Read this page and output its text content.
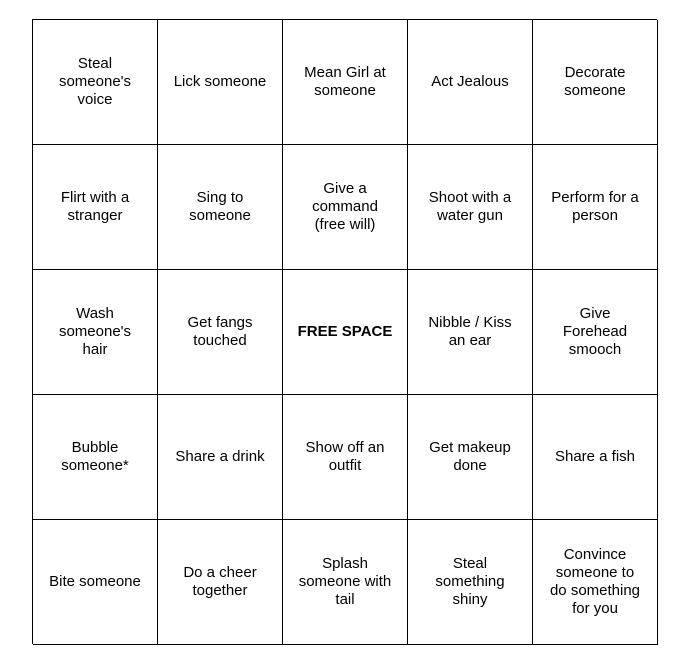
Steal
someone's
voice
Lick someone
Mean Girl at
someone
Act Jealous
Decorate
someone
Flirt with a
stranger
Sing to
someone
Give a
command
(free will)
Shoot with a
water gun
Perform for a
person
Wash
someone's
hair
Get fangs
touched
FREE SPACE
Nibble / Kiss
an ear
Give
Forehead
smooch
Bubble
someone*
Share a drink
Show off an
outfit
Get makeup
done
Share a fish
Bite someone
Do a cheer
together
Splash
someone with
tail
Steal
something
shiny
Convince
someone to
do something
for you
